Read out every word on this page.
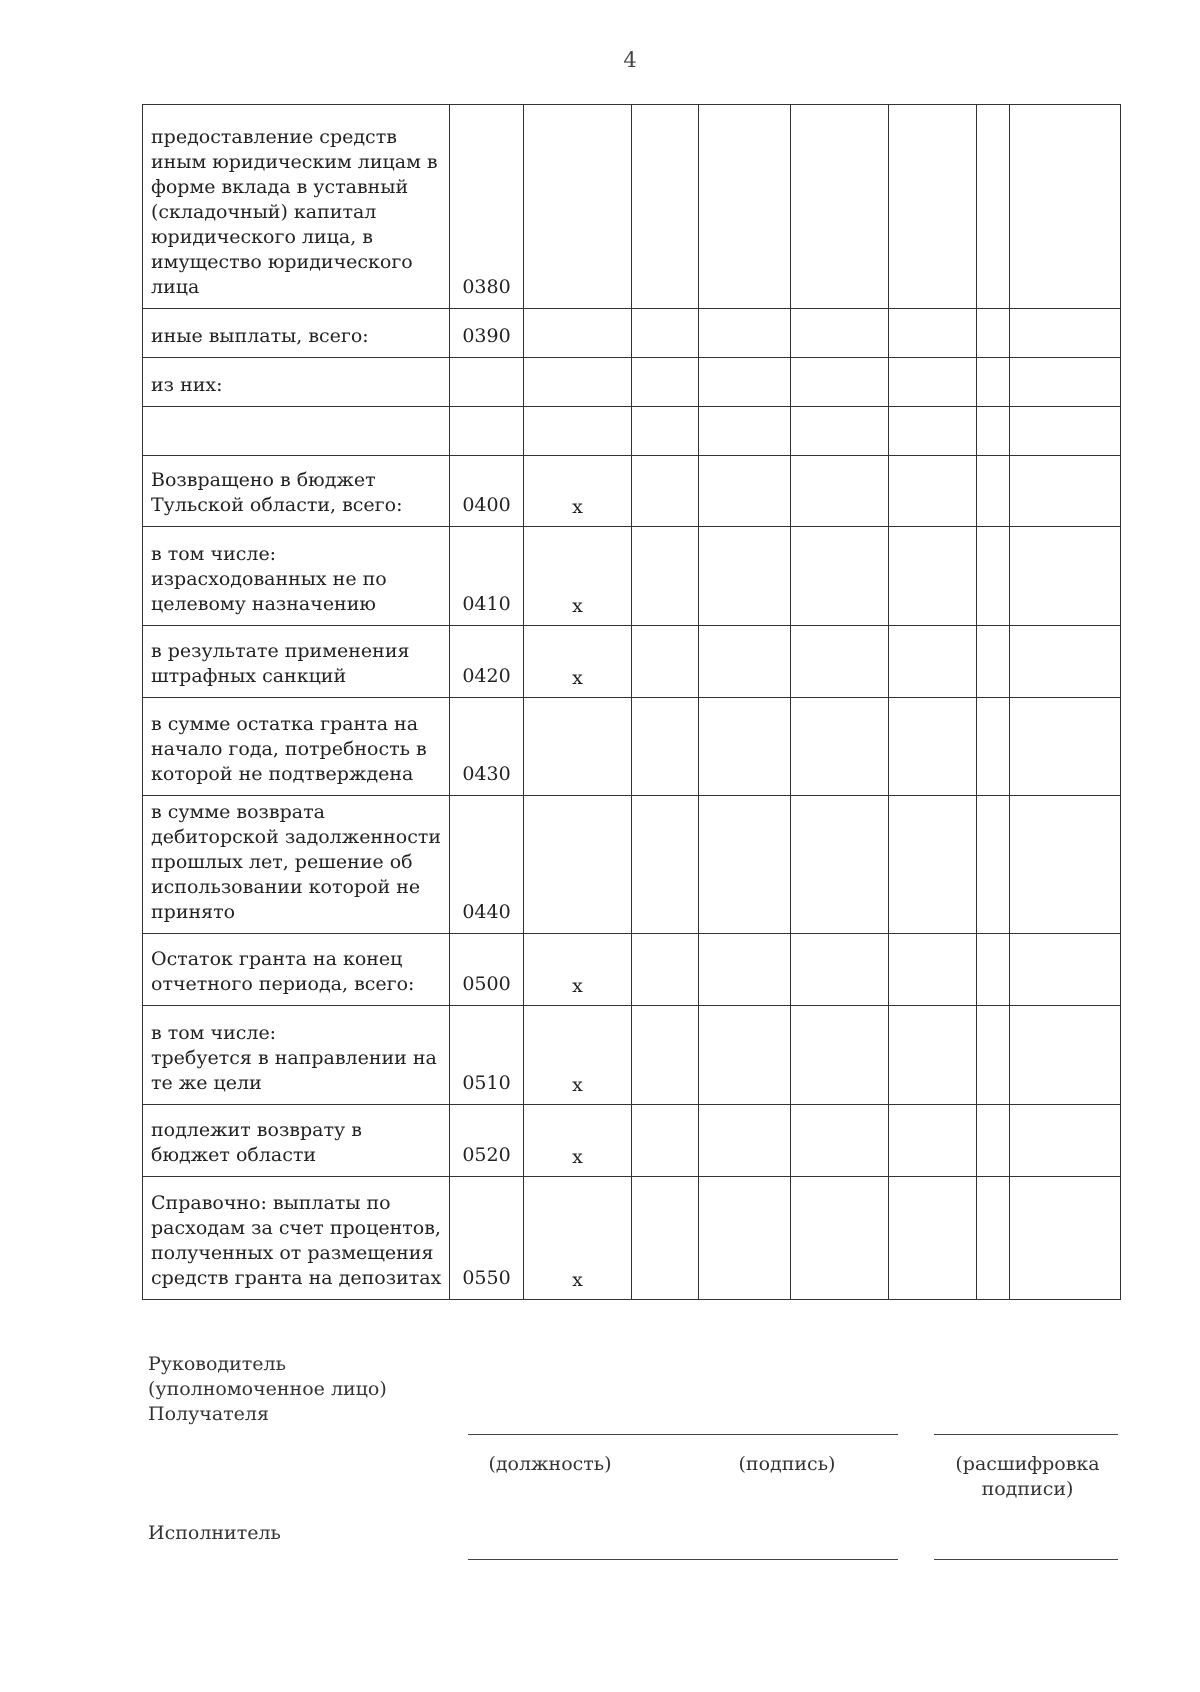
4
предоставление средств иным юридическим лицам в форме вклада в уставный (складочный) капитал юридического лица, в имущество юридического лица	0380							
иные выплаты, всего:	0390							
из них:								

Возвращено в бюджет Тульской области, всего:	0400	x						
в том числе:
израсходованных не по целевому назначению	0410	x						
в результате применения штрафных санкций	0420	x						
в сумме остатка гранта на начало года, потребность в которой не подтверждена	0430							
в сумме возврата дебиторской задолженности прошлых лет, решение об использовании которой не принято	0440							
Остаток гранта на конец отчетного периода, всего:	0500	x						
в том числе:
требуется в направлении на те же цели	0510	x						
подлежит возврату в бюджет области	0520	x						
Справочно: выплаты по расходам за счет процентов, полученных от размещения средств гранта на депозитах	0550	x						
Руководитель
(уполномоченное лицо)
Получателя
(должность)	(подпись)	(расшифровка
подписи)
Исполнитель
